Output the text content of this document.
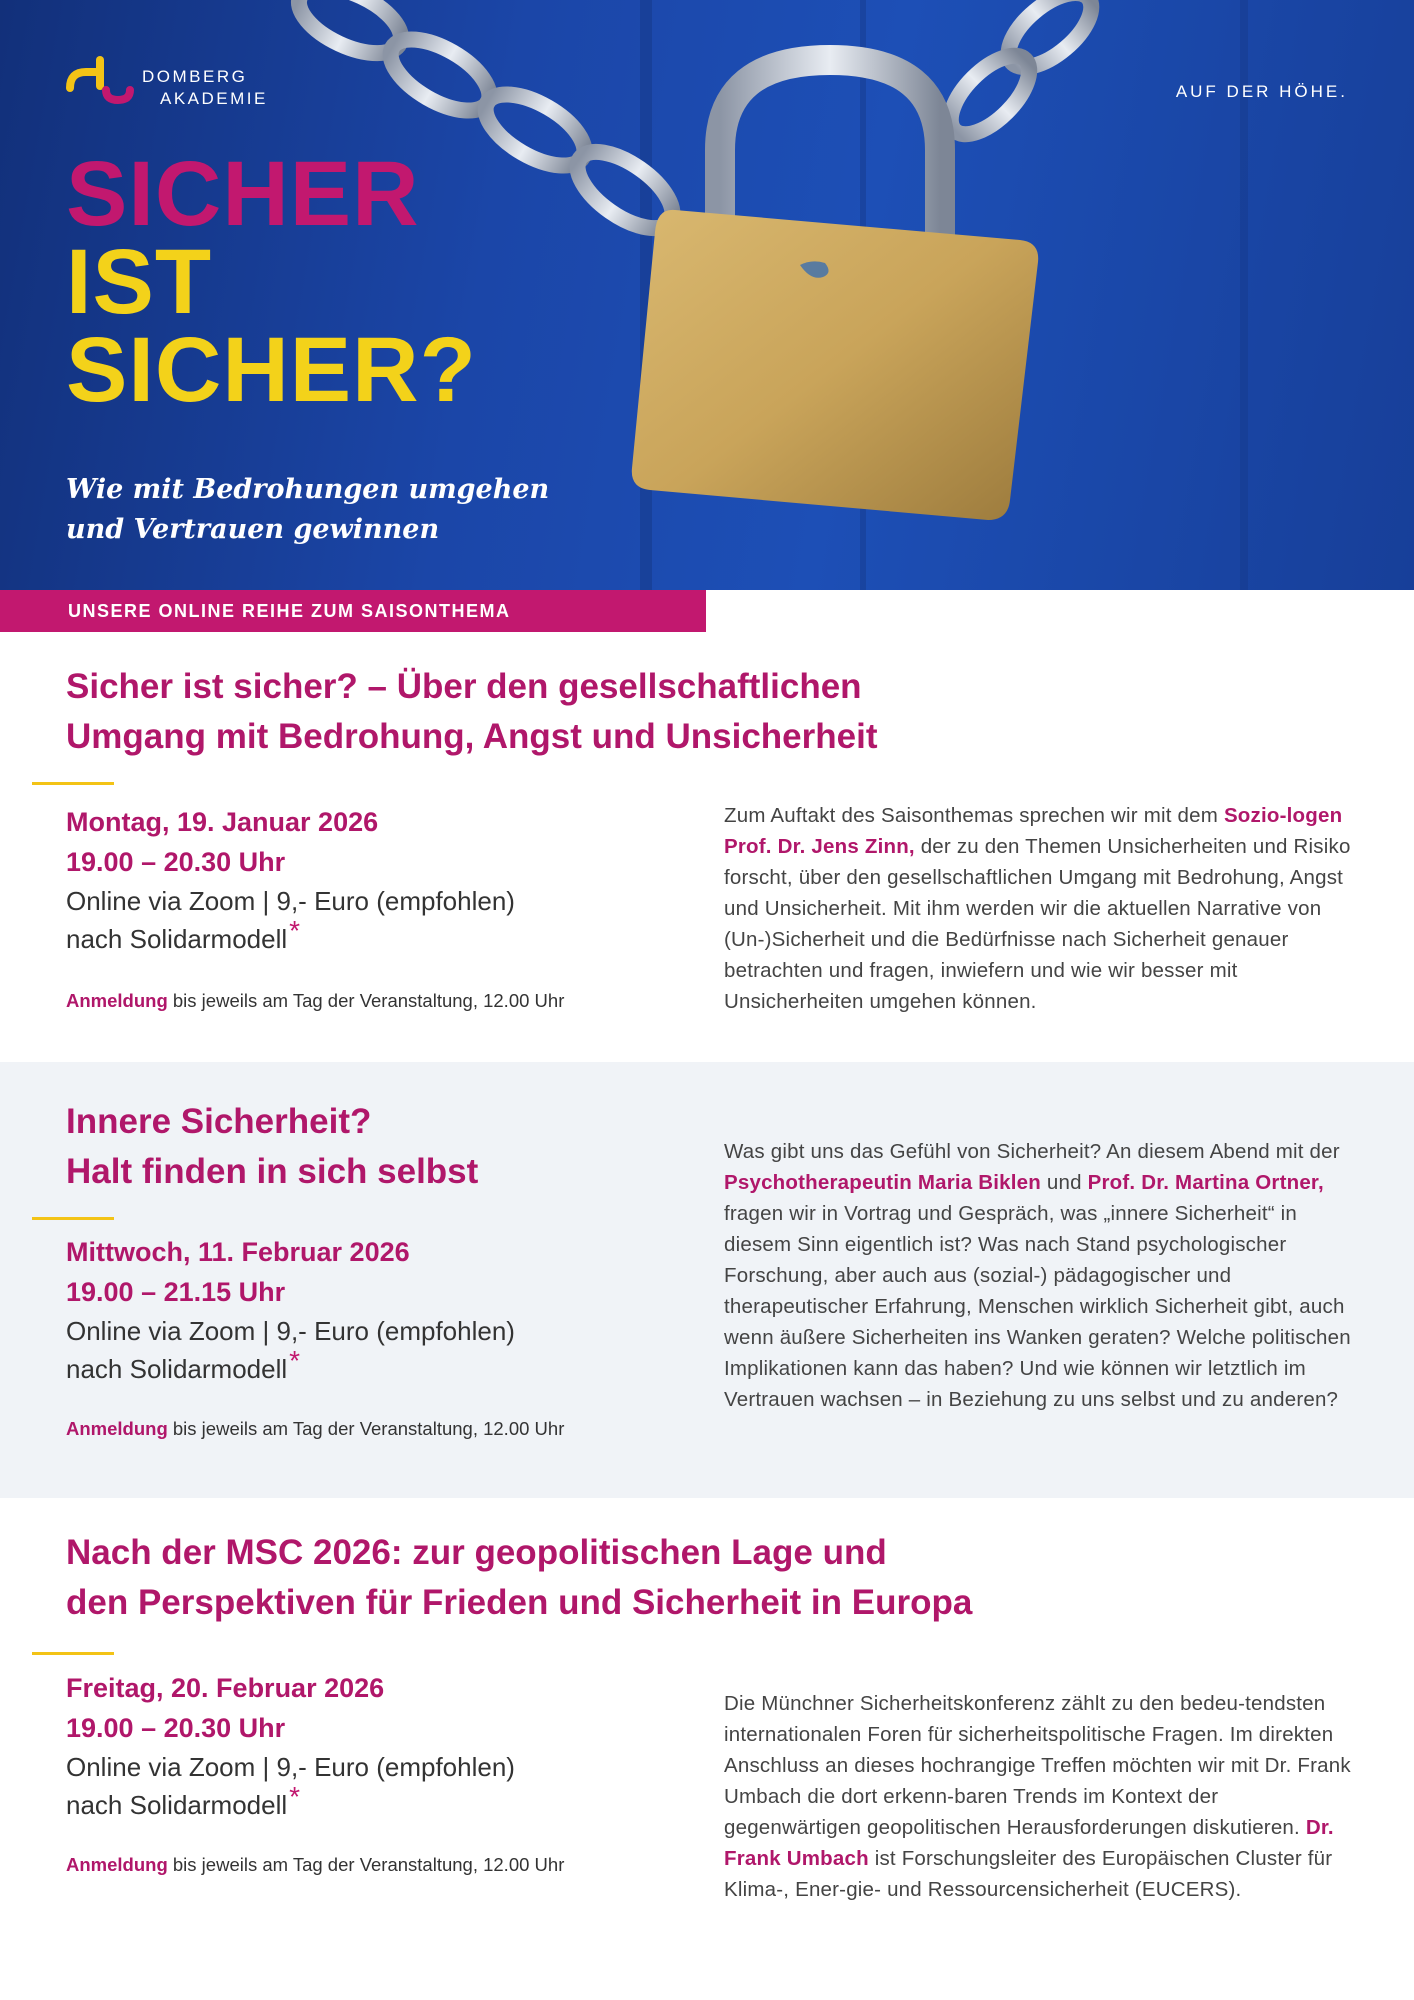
DOMBERG
AKADEMIE	AUF DER HÖHE.
SICHER
IST
SICHER?
Wie mit Bedrohungen umgehen
und Vertrauen gewinnen
UNSERE ONLINE REIHE ZUM SAISONTHEMA
Sicher ist sicher? – Über den gesellschaftlichen
Umgang mit Bedrohung, Angst und Unsicherheit
Montag, 19. Januar 2026
19.00 – 20.30 Uhr
Online via Zoom | 9,- Euro (empfohlen)
nach Solidarmodell*
Anmeldung bis jeweils am Tag der Veranstaltung, 12.00 Uhr
Zum Auftakt des Saisonthemas sprechen wir mit dem Sozio-logen Prof. Dr. Jens Zinn, der zu den Themen Unsicherheiten und Risiko forscht, über den gesellschaftlichen Umgang mit Bedrohung, Angst und Unsicherheit. Mit ihm werden wir die aktuellen Narrative von (Un-)Sicherheit und die Bedürfnisse nach Sicherheit genauer betrachten und fragen, inwiefern und wie wir besser mit Unsicherheiten umgehen können.
Innere Sicherheit?
Halt finden in sich selbst
Mittwoch, 11. Februar 2026
19.00 – 21.15 Uhr
Online via Zoom | 9,- Euro (empfohlen)
nach Solidarmodell*
Anmeldung bis jeweils am Tag der Veranstaltung, 12.00 Uhr
Was gibt uns das Gefühl von Sicherheit? An diesem Abend mit der Psychotherapeutin Maria Biklen und Prof. Dr. Martina Ortner, fragen wir in Vortrag und Gespräch, was „innere Sicherheit“ in diesem Sinn eigentlich ist? Was nach Stand psychologischer Forschung, aber auch aus (sozial-) pädagogischer und therapeutischer Erfahrung, Menschen wirklich Sicherheit gibt, auch wenn äußere Sicherheiten ins Wanken geraten? Welche politischen Implikationen kann das haben? Und wie können wir letztlich im Vertrauen wachsen – in Beziehung zu uns selbst und zu anderen?
Nach der MSC 2026: zur geopolitischen Lage und
den Perspektiven für Frieden und Sicherheit in Europa
Freitag, 20. Februar 2026
19.00 – 20.30 Uhr
Online via Zoom | 9,- Euro (empfohlen)
nach Solidarmodell*
Anmeldung bis jeweils am Tag der Veranstaltung, 12.00 Uhr
Die Münchner Sicherheitskonferenz zählt zu den bedeu-tendsten internationalen Foren für sicherheitspolitische Fragen. Im direkten Anschluss an dieses hochrangige Treffen möchten wir mit Dr. Frank Umbach die dort erkenn-baren Trends im Kontext der gegenwärtigen geopolitischen Herausforderungen diskutieren. Dr. Frank Umbach ist Forschungsleiter des Europäischen Cluster für Klima-, Ener-gie- und Ressourcensicherheit (EUCERS).
